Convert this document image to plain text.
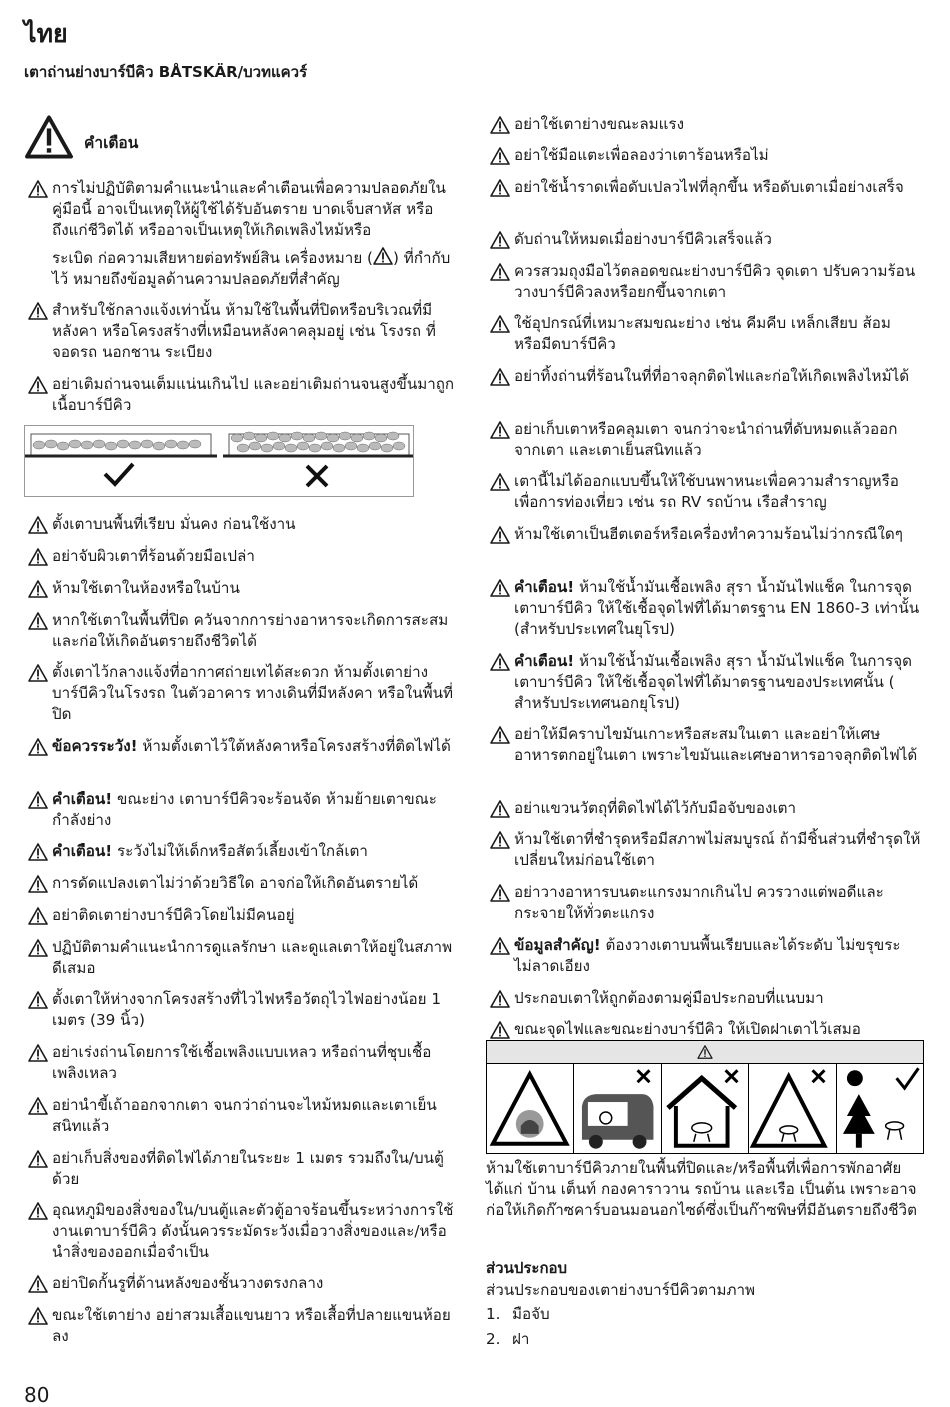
ไทย
เตาถ่านย่างบาร์บีคิว BÅTSKÄR/บวทแควร์
คำเตือน
การไม่ปฏิบัติตามคำแนะนำและคำเตือนเพื่อความปลอดภัยในคู่มือนี้ อาจเป็นเหตุให้ผู้ใช้ได้รับอันตราย บาดเจ็บสาหัส หรือถึงแก่ชีวิตได้ หรืออาจเป็นเหตุให้เกิดเพลิงไหม้หรือ
ระเบิด ก่อความเสียหายต่อทรัพย์สิน เครื่องหมาย ( ) ที่กำกับไว้ หมายถึงข้อมูลด้านความปลอดภัยที่สำคัญ
สำหรับใช้กลางแจ้งเท่านั้น ห้ามใช้ในพื้นที่ปิดหรือบริเวณที่มีหลังคา หรือโครงสร้างที่เหมือนหลังคาคลุมอยู่ เช่น โรงรถ ที่จอดรถ นอกชาน ระเบียง
อย่าเติมถ่านจนเต็มแน่นเกินไป และอย่าเติมถ่านจนสูงขึ้นมาถูกเนื้อบาร์บีคิว
ตั้งเตาบนพื้นที่เรียบ มั่นคง ก่อนใช้งาน
อย่าจับผิวเตาที่ร้อนด้วยมือเปล่า
ห้ามใช้เตาในห้องหรือในบ้าน
หากใช้เตาในพื้นที่ปิด ควันจากการย่างอาหารจะเกิดการสะสมและก่อให้เกิดอันตรายถึงชีวิตได้
ตั้งเตาไว้กลางแจ้งที่อากาศถ่ายเทได้สะดวก ห้ามตั้งเตาย่างบาร์บีคิวในโรงรถ ในตัวอาคาร ทางเดินที่มีหลังคา หรือในพื้นที่ปิด
ข้อควรระวัง! ห้ามตั้งเตาไว้ใต้หลังคาหรือโครงสร้างที่ติดไฟได้
คำเตือน! ขณะย่าง เตาบาร์บีคิวจะร้อนจัด ห้ามย้ายเตาขณะกำลังย่าง
คำเตือน! ระวังไม่ให้เด็กหรือสัตว์เลี้ยงเข้าใกล้เตา
การดัดแปลงเตาไม่ว่าด้วยวิธีใด อาจก่อให้เกิดอันตรายได้
อย่าติดเตาย่างบาร์บีคิวโดยไม่มีคนอยู่
ปฏิบัติตามคำแนะนำการดูแลรักษา และดูแลเตาให้อยู่ในสภาพดีเสมอ
ตั้งเตาให้ห่างจากโครงสร้างที่ไวไฟหรือวัตถุไวไฟอย่างน้อย 1 เมตร (39 นิ้ว)
อย่าเร่งถ่านโดยการใช้เชื้อเพลิงแบบเหลว หรือถ่านที่ชุบเชื้อเพลิงเหลว
อย่านำขี้เถ้าออกจากเตา จนกว่าถ่านจะไหม้หมดและเตาเย็นสนิทแล้ว
อย่าเก็บสิ่งของที่ติดไฟได้ภายในระยะ 1 เมตร รวมถึงใน/บนตู้ด้วย
อุณหภูมิของสิ่งของใน/บนตู้และตัวตู้อาจร้อนขึ้นระหว่างการใช้งานเตาบาร์บีคิว ดังนั้นควรระมัดระวังเมื่อวางสิ่งของและ/หรือนำสิ่งของออกเมื่อจำเป็น
อย่าปิดกั้นรูที่ด้านหลังของชั้นวางตรงกลาง
ขณะใช้เตาย่าง อย่าสวมเสื้อแขนยาว หรือเสื้อที่ปลายแขนห้อยลง
อย่าใช้เตาย่างขณะลมแรง
อย่าใช้มือแตะเพื่อลองว่าเตาร้อนหรือไม่
อย่าใช้น้ำราดเพื่อดับเปลวไฟที่ลุกขึ้น หรือดับเตาเมื่อย่างเสร็จ
ดับถ่านให้หมดเมื่อย่างบาร์บีคิวเสร็จแล้ว
ควรสวมถุงมือไว้ตลอดขณะย่างบาร์บีคิว จุดเตา ปรับความร้อน วางบาร์บีคิวลงหรือยกขึ้นจากเตา
ใช้อุปกรณ์ที่เหมาะสมขณะย่าง เช่น คีมคีบ เหล็กเสียบ ส้อม หรือมีดบาร์บีคิว
อย่าทิ้งถ่านที่ร้อนในที่ที่อาจลุกติดไฟและก่อให้เกิดเพลิงไหม้ได้
อย่าเก็บเตาหรือคลุมเตา จนกว่าจะนำถ่านที่ดับหมดแล้วออกจากเตา และเตาเย็นสนิทแล้ว
เตานี้ไม่ได้ออกแบบขึ้นให้ใช้บนพาหนะเพื่อความสำราญหรือเพื่อการท่องเที่ยว เช่น รถ RV รถบ้าน เรือสำราญ
ห้ามใช้เตาเป็นฮีตเตอร์หรือเครื่องทำความร้อนไม่ว่ากรณีใดๆ
คำเตือน! ห้ามใช้น้ำมันเชื้อเพลิง สุรา น้ำมันไฟแช็ค ในการจุดเตาบาร์บีคิว ให้ใช้เชื้อจุดไฟที่ได้มาตรฐาน EN 1860-3 เท่านั้น (สำหรับประเทศในยุโรป)
คำเตือน! ห้ามใช้น้ำมันเชื้อเพลิง สุรา น้ำมันไฟแช็ค ในการจุดเตาบาร์บีคิว ให้ใช้เชื้อจุดไฟที่ได้มาตรฐานของประเทศนั้น ( สำหรับประเทศนอกยุโรป)
อย่าให้มีคราบไขมันเกาะหรือสะสมในเตา และอย่าให้เศษอาหารตกอยู่ในเตา เพราะไขมันและเศษอาหารอาจลุกติดไฟได้
อย่าแขวนวัตถุที่ติดไฟได้ไว้กับมือจับของเตา
ห้ามใช้เตาที่ชำรุดหรือมีสภาพไม่สมบูรณ์ ถ้ามีชิ้นส่วนที่ชำรุดให้เปลี่ยนใหม่ก่อนใช้เตา
อย่าวางอาหารบนตะแกรงมากเกินไป ควรวางแต่พอดีและกระจายให้ทั่วตะแกรง
ข้อมูลสำคัญ! ต้องวางเตาบนพื้นเรียบและได้ระดับ ไม่ขรุขระ ไม่ลาดเอียง
ประกอบเตาให้ถูกต้องตามคู่มือประกอบที่แนบมา
ขณะจุดไฟและขณะย่างบาร์บีคิว ให้เปิดฝาเตาไว้เสมอ
ห้ามใช้เตาบาร์บีคิวภายในพื้นที่ปิดและ/หรือพื้นที่เพื่อการพักอาศัย ได้แก่ บ้าน เต็นท์ กองคาราวาน รถบ้าน และเรือ เป็นต้น เพราะอาจก่อให้เกิดก๊าซคาร์บอนมอนอกไซด์ซึ่งเป็นก๊าซพิษที่มีอันตรายถึงชีวิต
ส่วนประกอบ
ส่วนประกอบของเตาย่างบาร์บีคิวตามภาพ
1. มือจับ
2. ฝา
80
